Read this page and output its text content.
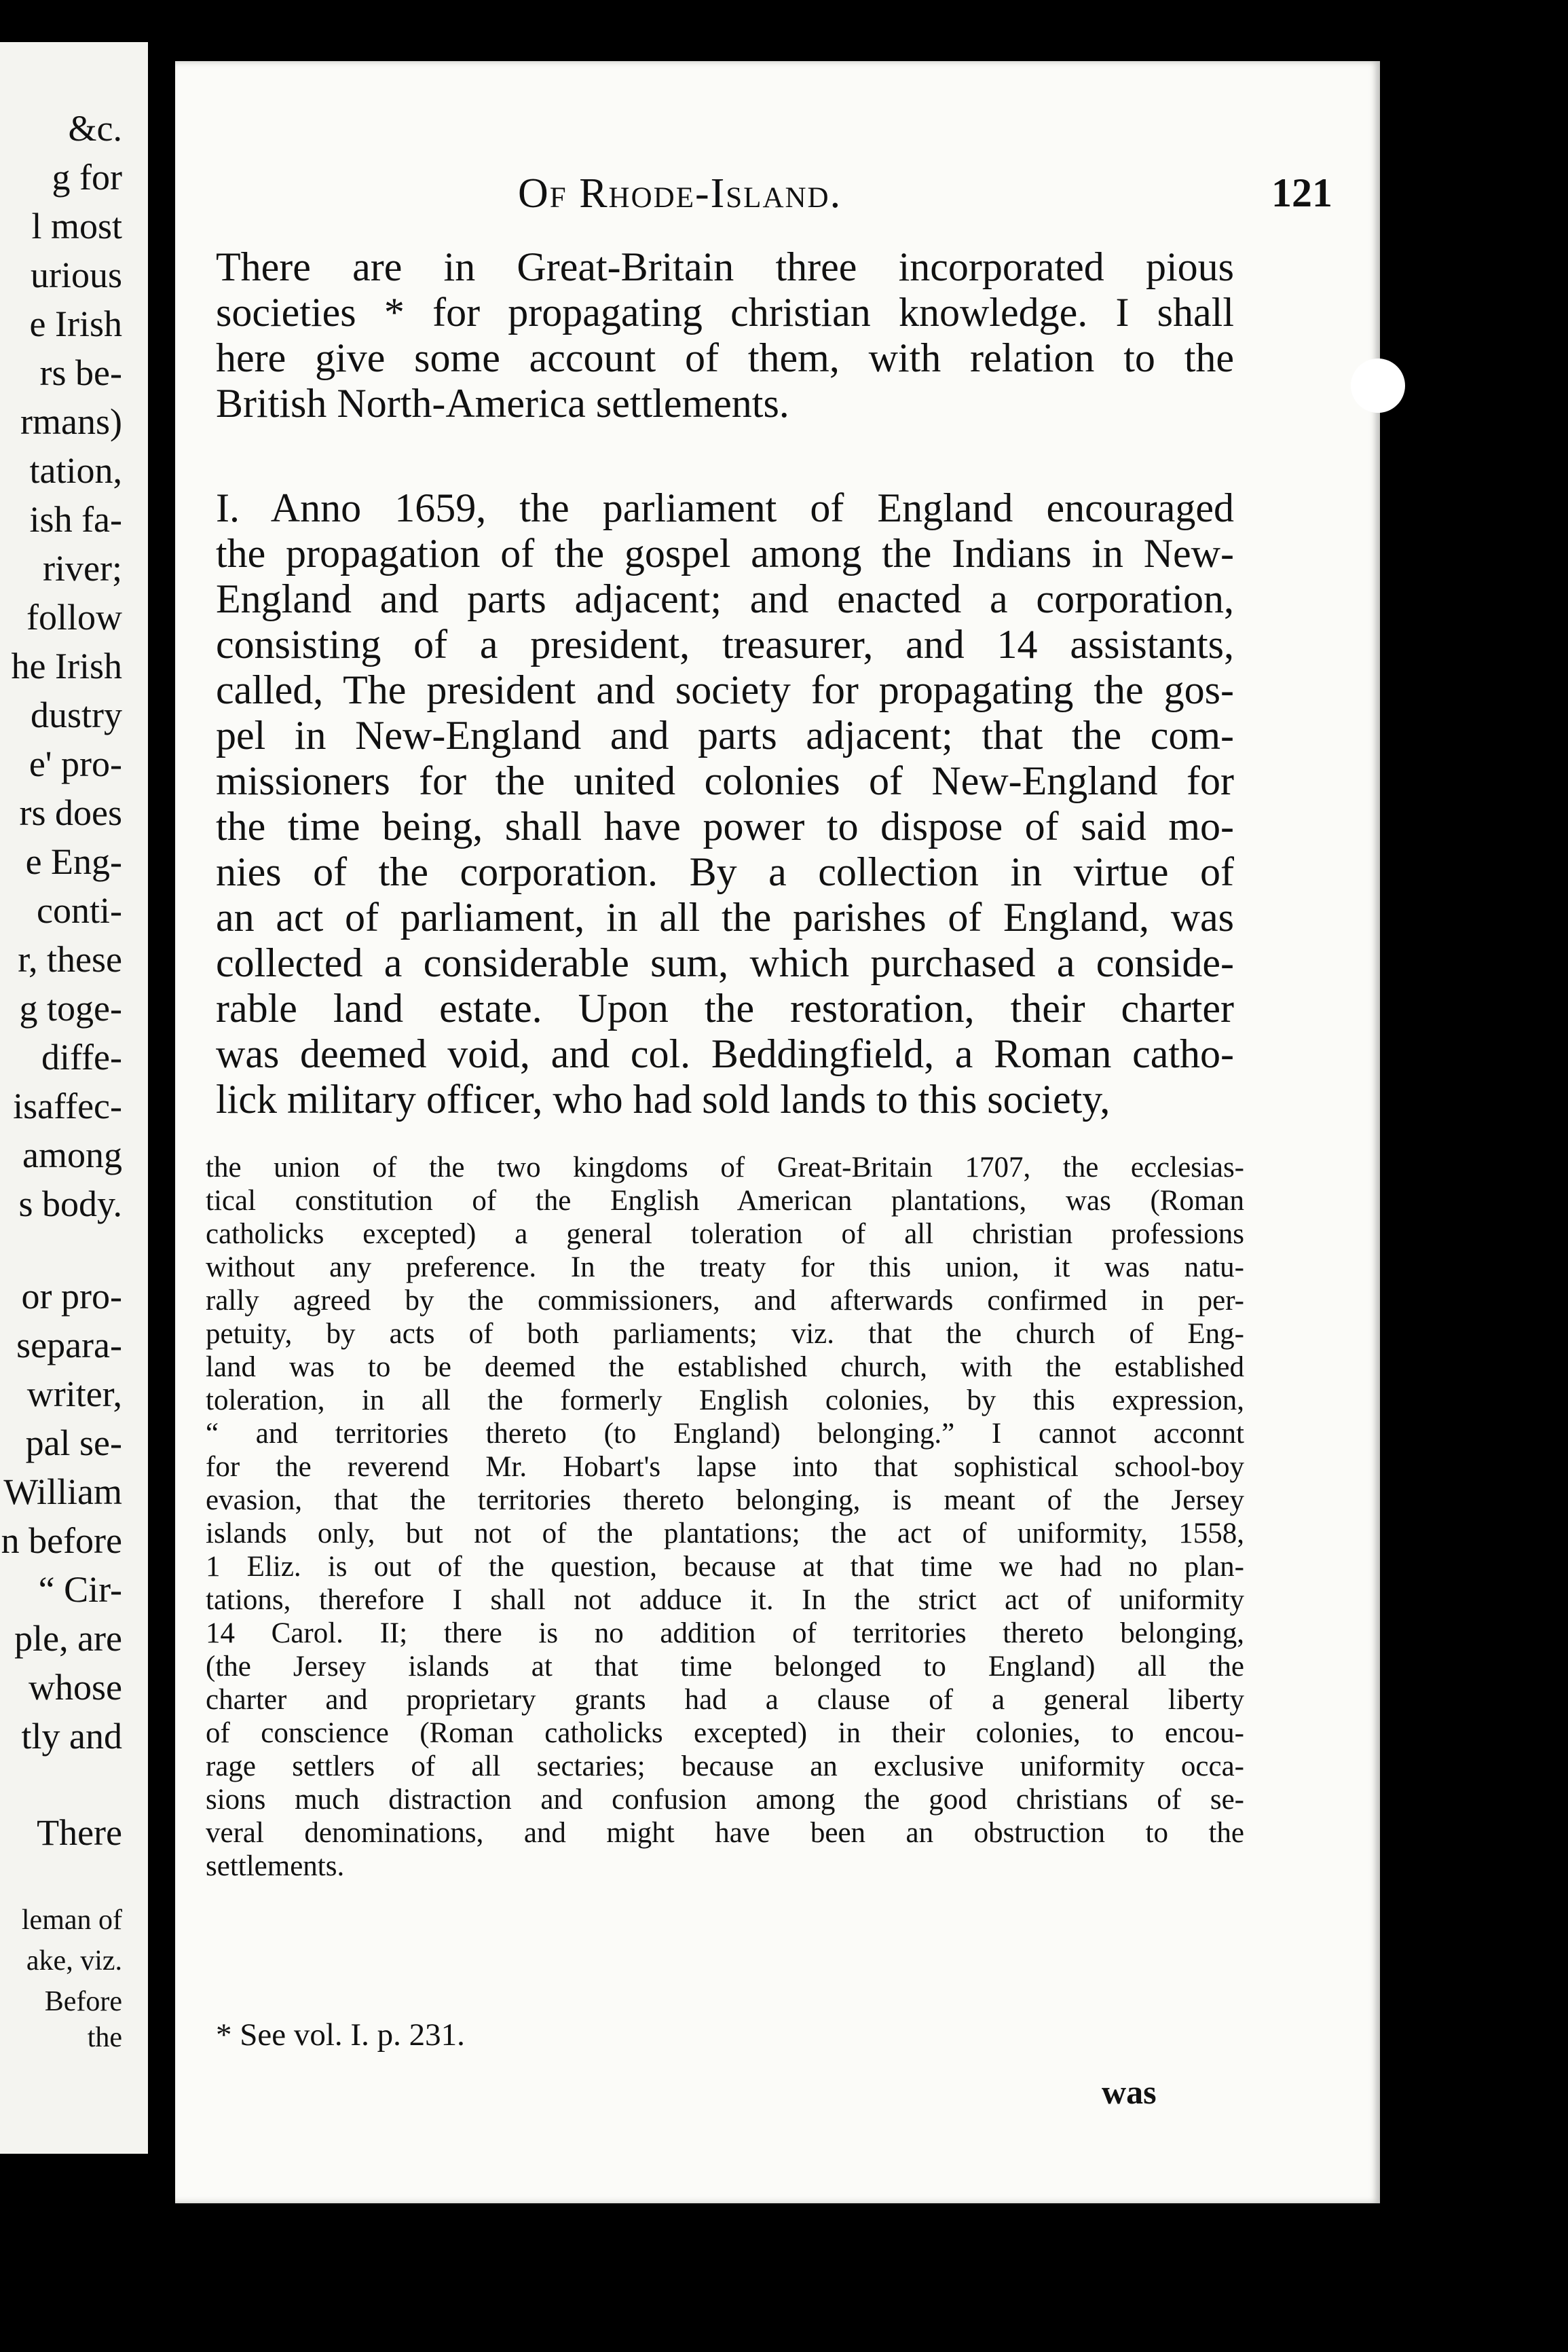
&c.
g for
l most
urious
e Irish
rs be-
rmans)
tation,
ish fa-
river;
follow
he Irish
dustry
e' pro-
rs does
e Eng-
conti-
r, these
g toge-
diffe-
isaffec-
among
s body.
or pro-
separa-
writer,
pal se-
William
n before
“ Cir-
ple, are
whose
tly and
There
leman of
ake, viz.
Before
the
Of Rhode-Island.	121
There are in Great-Britain three incorporated pious
societies * for propagating christian knowledge. I shall
here give some account of them, with relation to the
British North-America settlements.
I. Anno 1659, the parliament of England encouraged
the propagation of the gospel among the Indians in New-
England and parts adjacent; and enacted a corporation,
consisting of a president, treasurer, and 14 assistants,
called, The president and society for propagating the gos-
pel in New-England and parts adjacent; that the com-
missioners for the united colonies of New-England for
the time being, shall have power to dispose of said mo-
nies of the corporation. By a collection in virtue of
an act of parliament, in all the parishes of England, was
collected a considerable sum, which purchased a conside-
rable land estate. Upon the restoration, their charter
was deemed void, and col. Beddingfield, a Roman catho-
lick military officer, who had sold lands to this society,
the union of the two kingdoms of Great-Britain 1707, the ecclesias-
tical constitution of the English American plantations, was (Roman
catholicks excepted) a general toleration of all christian professions
without any preference. In the treaty for this union, it was natu-
rally agreed by the commissioners, and afterwards confirmed in per-
petuity, by acts of both parliaments; viz. that the church of Eng-
land was to be deemed the established church, with the established
toleration, in all the formerly English colonies, by this expression,
“ and territories thereto (to England) belonging.” I cannot acconnt
for the reverend Mr. Hobart's lapse into that sophistical school-boy
evasion, that the territories thereto belonging, is meant of the Jersey
islands only, but not of the plantations; the act of uniformity, 1558,
1 Eliz. is out of the question, because at that time we had no plan-
tations, therefore I shall not adduce it. In the strict act of uniformity
14 Carol. II; there is no addition of territories thereto belonging,
(the Jersey islands at that time belonged to England) all the
charter and proprietary grants had a clause of a general liberty
of conscience (Roman catholicks excepted) in their colonies, to encou-
rage settlers of all sectaries; because an exclusive uniformity occa-
sions much distraction and confusion among the good christians of se-
veral denominations, and might have been an obstruction to the
settlements.
* See vol. I. p. 231.
was
